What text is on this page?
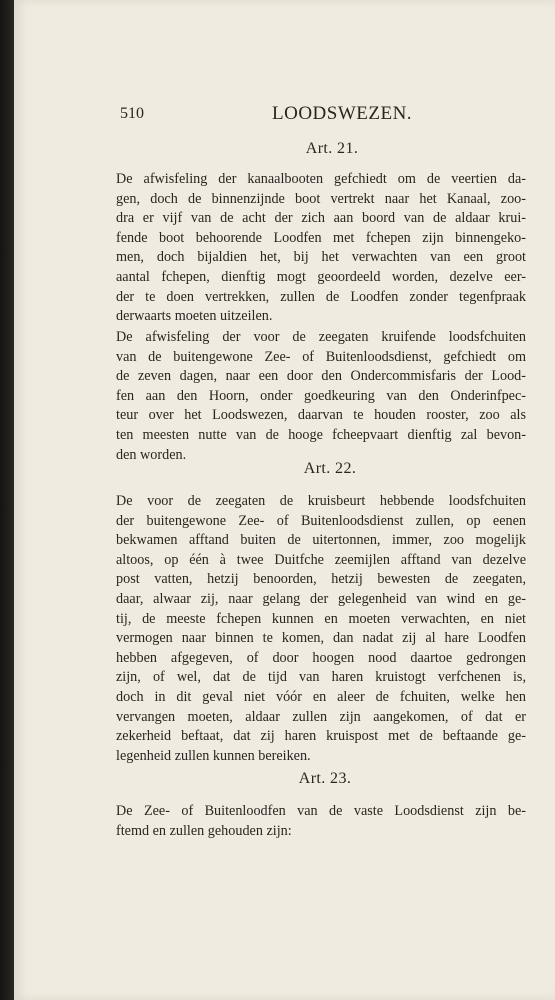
510	LOODSWEZEN.
Art. 21.
De afwisfeling der kanaalbooten gefchiedt om de veertien da-
gen, doch de binnenzijnde boot vertrekt naar het Kanaal, zoo-
dra er vijf van de acht der zich aan boord van de aldaar krui-
fende boot behoorende Loodfen met fchepen zijn binnengeko-
men, doch bijaldien het, bij het verwachten van een groot
aantal fchepen, dienftig mogt geoordeeld worden, dezelve eer-
der te doen vertrekken, zullen de Loodfen zonder tegenfpraak
derwaarts moeten uitzeilen.
De afwisfeling der voor de zeegaten kruifende loodsfchuiten
van de buitengewone Zee- of Buitenloodsdienst, gefchiedt om
de zeven dagen, naar een door den Ondercommisfaris der Lood-
fen aan den Hoorn, onder goedkeuring van den Onderinfpec-
teur over het Loodswezen, daarvan te houden rooster, zoo als
ten meesten nutte van de hooge fcheepvaart dienftig zal bevon-
den worden.
Art. 22.
De voor de zeegaten de kruisbeurt hebbende loodsfchuiten
der buitengewone Zee- of Buitenloodsdienst zullen, op eenen
bekwamen afftand buiten de uitertonnen, immer, zoo mogelijk
altoos, op één à twee Duitfche zeemijlen afftand van dezelve
post vatten, hetzij benoorden, hetzij bewesten de zeegaten,
daar, alwaar zij, naar gelang der gelegenheid van wind en ge-
tij, de meeste fchepen kunnen en moeten verwachten, en niet
vermogen naar binnen te komen, dan nadat zij al hare Loodfen
hebben afgegeven, of door hoogen nood daartoe gedrongen
zijn, of wel, dat de tijd van haren kruistogt verfchenen is,
doch in dit geval niet vóór en aleer de fchuiten, welke hen
vervangen moeten, aldaar zullen zijn aangekomen, of dat er
zekerheid beftaat, dat zij haren kruispost met de beftaande ge-
legenheid zullen kunnen bereiken.
Art. 23.
De Zee- of Buitenloodfen van de vaste Loodsdienst zijn be-
ftemd en zullen gehouden zijn:
